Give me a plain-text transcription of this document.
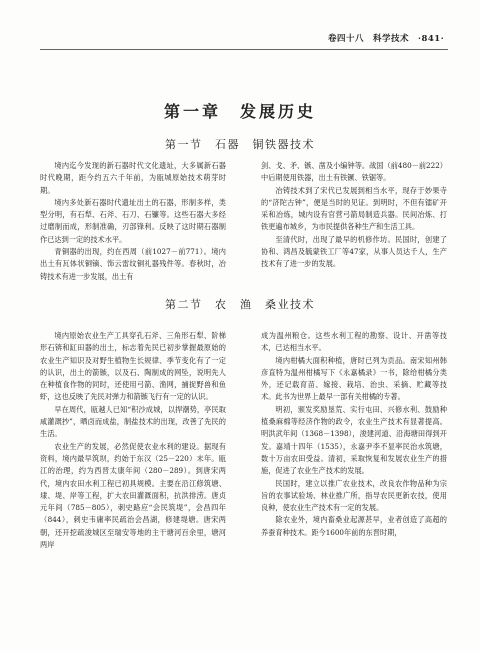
卷四十八　科学技术　·841·
第一章　发展历史
第一节　石器　铜铁器技术

境内迄今发现的新石器时代文化遗址，大多属新石器时代晚期，距今约五六千年前，为瓯城原始技术萌芽时期。

境内多处新石器时代遗址出土的石器，形制多样，类型分明，有石犁、石斧、石刀、石镰等。这些石器大多经过磨制而成，形制准确，刃部锋利。反映了这时期石器制作已达到一定的技术水平。

青铜器的出现，约在西周（前1027－前771）。境内出土有瓦体状铜镝、饰云雷纹铜礼器残件等。春秋时，冶铸技术有进一步发展，出土有

剑、戈、矛、镞、凿及小编钟等。战国（前480－前222）中后期使用铁器，出土有铁镢、铁锯等。

冶铸技术到了宋代已发展到相当水平，现存于妙果寺的“济陀古钟”，便是当时的见证。到明时，不但有镭矿开采和冶炼，城内设有官营弓箭局制造兵器。民间冶炼、打铁更遍布城乡，为市民提供各种生产和生活工具。

至清代时，出现了最早的机修作坊。民国时，创建了协和、鸿昌及毓蒙铁工厂等47家，从事人员达千人，生产技术有了进一步的发展。

第二节　农　渔　桑业技术

境内原始农业生产工具穿孔石斧、三角形石犁、阶梯形石锛和缸田器的出土，标志着先民已初步掌握最原始的农业生产知识及对野生植物生长规律、季节变化有了一定的认识，出土的箭镞，以及石、陶制成的网坠，说明先人在种植食作物的同时，还使用弓箭、渔网，捕捉野兽和鱼虾，这也反映了先民对弹力和箭镞飞行有一定的认识。

早在周代，瓯越人已知“积沙成城，以捍潮势，亭民取咸灌溉抄”，晒卤而成盐，制盐技术的出现，改善了先民的生活。

农业生产的发展，必然促使农业水利的建设。据现有资料，境内最早筑坝，约始于东汉（25－220）末年。瓯江的治理，约为西晋太康年间（280－289）。到唐宋两代，境内农田水利工程已初具规模。主要在沿江修筑塘、埭、堤、岸等工程，扩大农田灌溉面积，抗洪排涝。唐贞元年间（785－805），刺史路应“会民筑堤”，会昌四年（844），刺史韦庸率民疏治会昌湖，修建堤塘。唐宋两朝，还开挖疏浚城区至瑞安等地的主干塘河百余里，塘河两岸

成为温州粮仓。这些水利工程的勘察、设计、开凿等技术，已达相当水平。

境内柑橘大面积种植，唐时已列为贡品。南宋知州韩彦直特为温州柑橘写下《永嘉橘录》一书，除给柑橘分类外，还记载育苗、嫁接、栽培、治虫、采摘、贮藏等技术。此书为世界上最早一部有关柑橘的专著。

明初，颁发奖励垦荒、实行屯田、兴修水利、鼓励种植桑麻棉等经济作物的政令，农业生产技术有显著提高。明洪武年间（1368－1398），浚建河道、沿海塘田得到开发。嘉靖十四年（1535），永嘉尹李不显率民治水筑塘，数十万亩农田受益。清初，采取恢复和发展农业生产的措施，促进了农业生产技术的发展。

民国时，建立以推广农业技术，改良农作物品种为宗旨的农事试验场、林业推广所，指导农民更新农技，使用良种，使农业生产技术有一定的发展。

除农业外，境内畜桑业起源甚早，业者创造了高超的养蚕育种技术。距今1600年前的东晋时期，
